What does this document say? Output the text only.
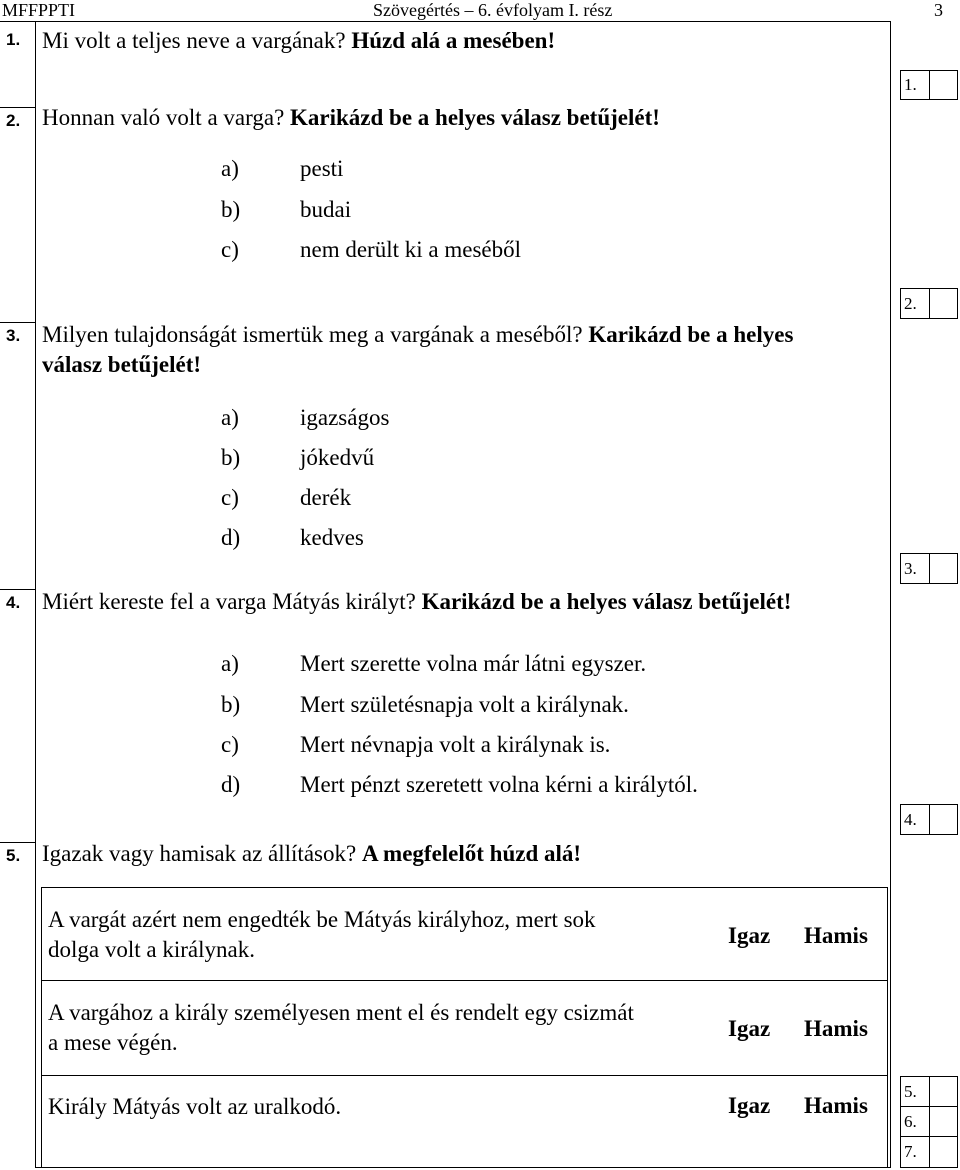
MFFPPTI	Szövegértés – 6. évfolyam I. rész	3
1. Mi volt a teljes neve a vargának? Húzd alá a mesében!
2. Honnan való volt a varga? Karikázd be a helyes válasz betűjelét!
a)	pesti
b)	budai
c)	nem derült ki a meséből
3. Milyen tulajdonságát ismertük meg a vargának a meséből? Karikázd be a helyes
válasz betűjelét!
a)	igazságos
b)	jókedvű
c)	derék
d)	kedves
4. Miért kereste fel a varga Mátyás királyt? Karikázd be a helyes válasz betűjelét!
a)	Mert szerette volna már látni egyszer.
b)	Mert születésnapja volt a királynak.
c)	Mert névnapja volt a királynak is.
d)	Mert pénzt szeretett volna kérni a királytól.
5. Igazak vagy hamisak az állítások? A megfelelőt húzd alá!
A vargát azért nem engedték be Mátyás királyhoz, mert sok
dolga volt a királynak.
Igaz Hamis
A vargához a király személyesen ment el és rendelt egy csizmát
a mese végén.
Igaz Hamis
Király Mátyás volt az uralkodó.	Igaz Hamis
1.
2.
3.
4.
5.
6.
7.
